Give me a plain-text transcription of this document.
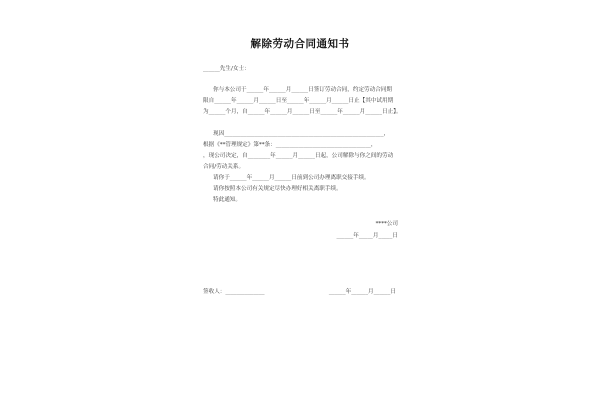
解除劳动合同通知书
______先生/女士：
你与本公司于______年______月______日签订劳动合同，约定劳动合同期
限自______年______月______日至______年______月______日止【其中试用期
为______个月，自______年______月______日至______年______月______日止】。
现因_________________________________________________________，
根据《**管理规定》第**条：__________________________________，
，现公司决定，自________年______月______日起，公司解除与你之间的劳动
合同/劳动关系。
请你于______年______月______日前到公司办理离职交接手续。
请你按照本公司有关规定尽快办理好相关离职手续。
特此通知。
****公司
______年_____月_____日
签收人：______________	______年______月______日
